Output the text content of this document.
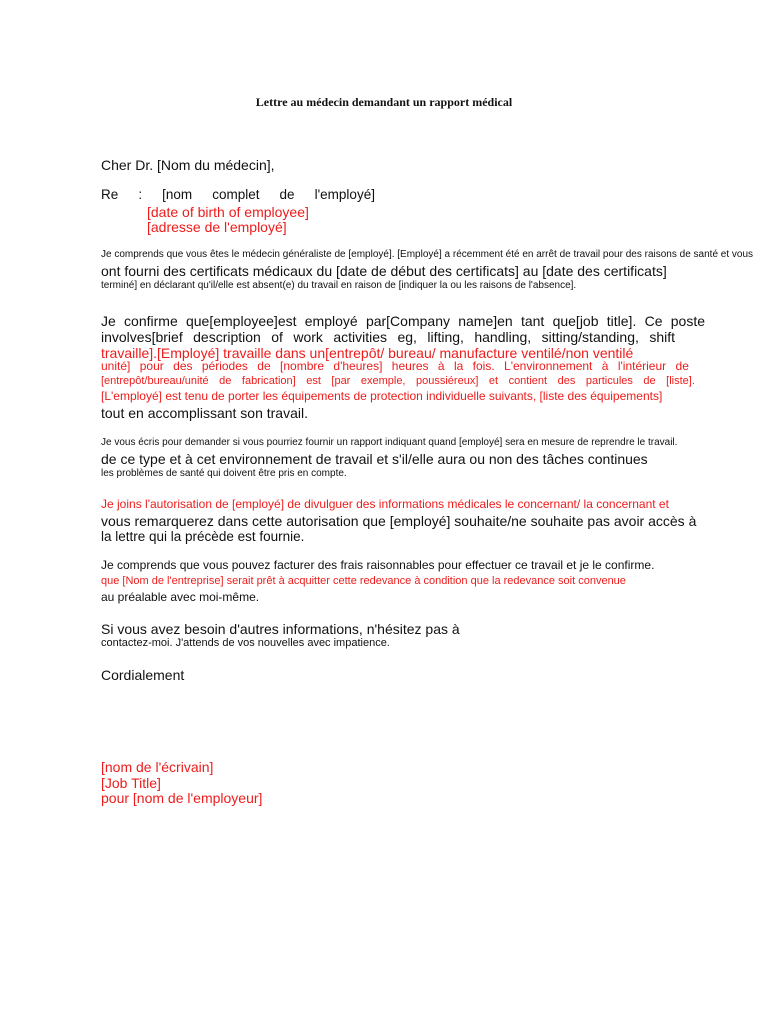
Lettre au médecin demandant un rapport médical
Cher Dr. [Nom du médecin],
Re : [nom complet de l'employé]
[date of birth of employee]
[adresse de l'employé]
Je comprends que vous êtes le médecin généraliste de [employé]. [Employé] a récemment été en arrêt de travail pour des raisons de santé et vous
ont fourni des certificats médicaux du [date de début des certificats] au [date des certificats]
terminé] en déclarant qu'il/elle est absent(e) du travail en raison de [indiquer la ou les raisons de l'absence].
Je confirme que[employee]est employé par[Company name]en tant que[job title]. Ce poste
involves[brief description of work activities eg, lifting, handling, sitting/standing, shift
travaille].[Employé] travaille dans un[entrepôt/ bureau/ manufacture ventilé/non ventilé
unité] pour des périodes de [nombre d'heures] heures à la fois. L'environnement à l'intérieur de
[entrepôt/bureau/unité de fabrication] est [par exemple, poussiéreux] et contient des particules de [liste].
[L'employé] est tenu de porter les équipements de protection individuelle suivants, [liste des équipements]
tout en accomplissant son travail.
Je vous écris pour demander si vous pourriez fournir un rapport indiquant quand [employé] sera en mesure de reprendre le travail.
de ce type et à cet environnement de travail et s'il/elle aura ou non des tâches continues
les problèmes de santé qui doivent être pris en compte.
Je joins l'autorisation de [employé] de divulguer des informations médicales le concernant/ la concernant et
vous remarquerez dans cette autorisation que [employé] souhaite/ne souhaite pas avoir accès à
la lettre qui la précède est fournie.
Je comprends que vous pouvez facturer des frais raisonnables pour effectuer ce travail et je le confirme.
que [Nom de l'entreprise] serait prêt à acquitter cette redevance à condition que la redevance soit convenue
au préalable avec moi-même.
Si vous avez besoin d'autres informations, n'hésitez pas à
contactez-moi. J'attends de vos nouvelles avec impatience.
Cordialement
[nom de l'écrivain]
[Job Title]
pour [nom de l'employeur]
